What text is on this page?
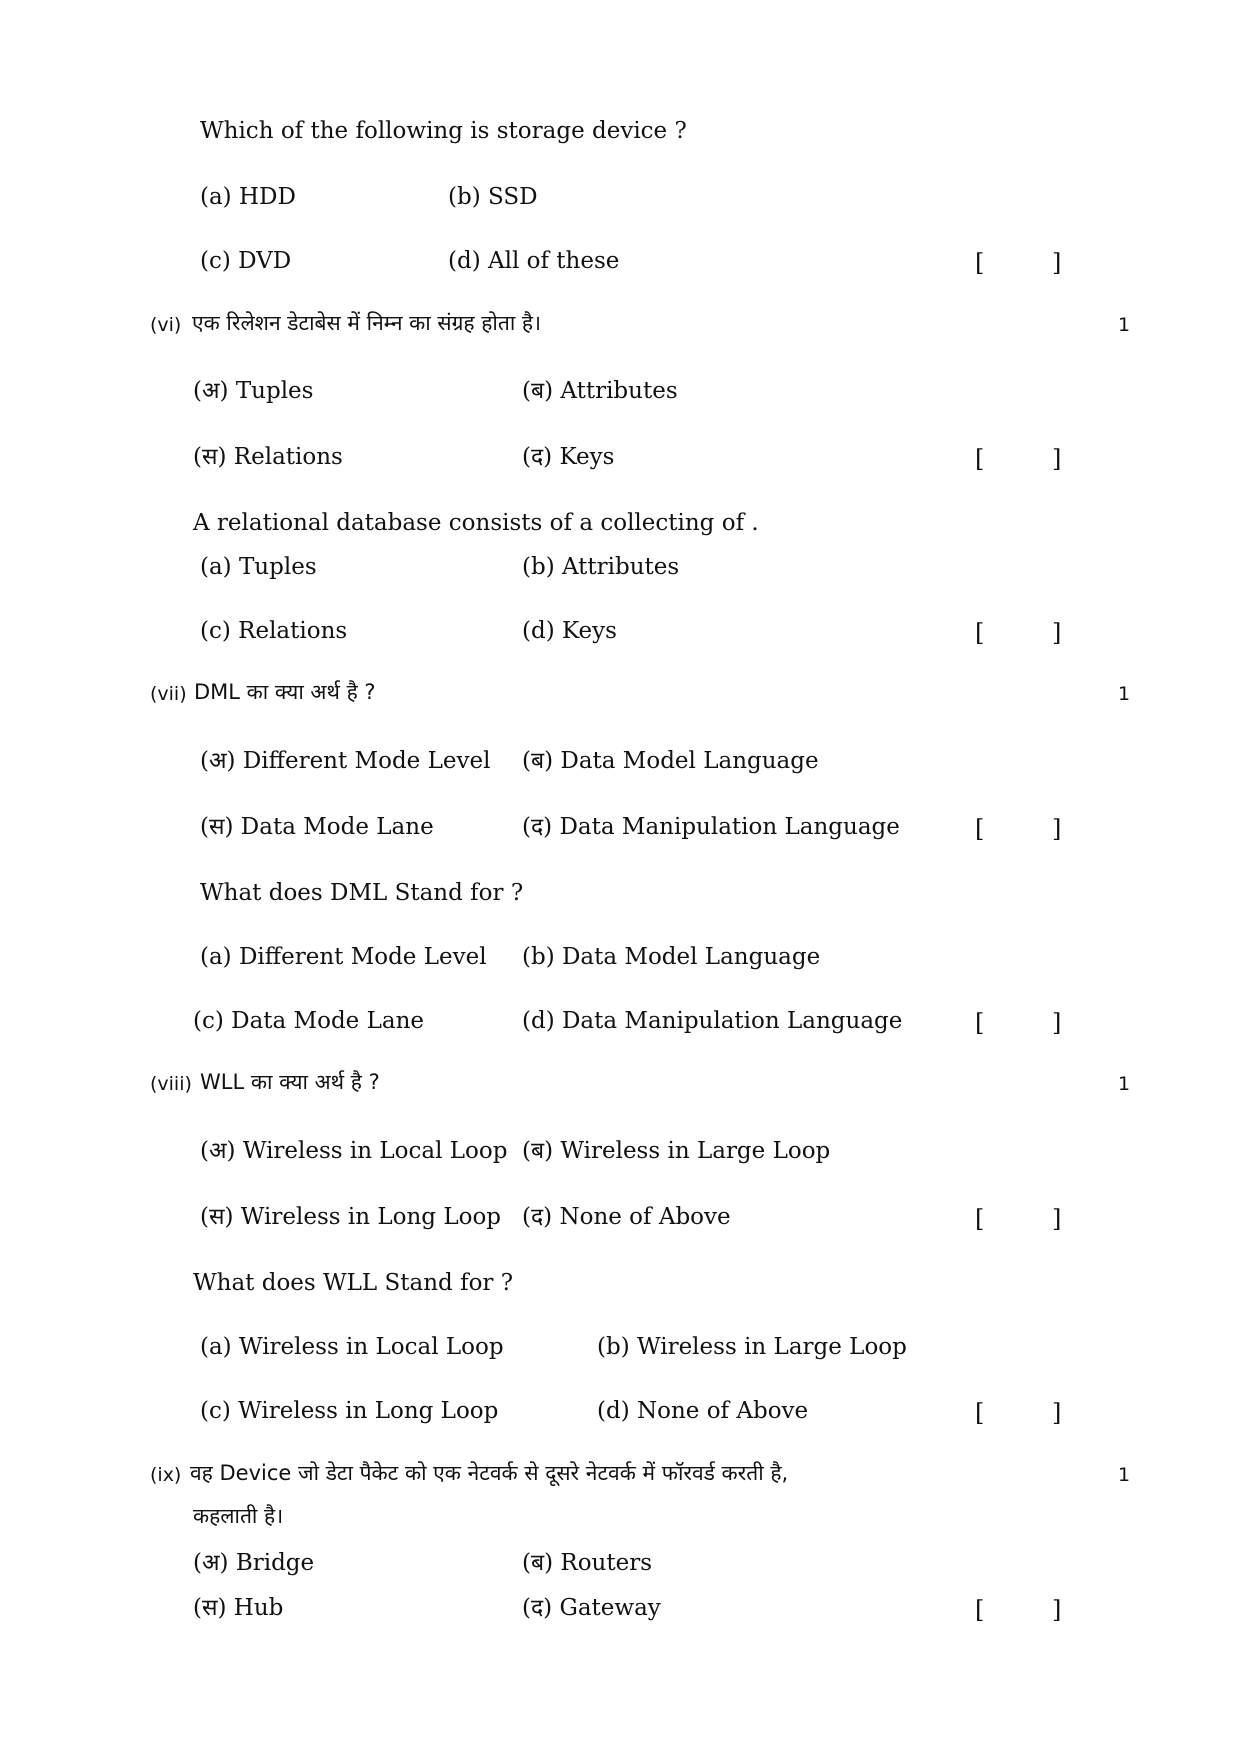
Which of the following is storage device ?
(a) HDD	(b) SSD
(c) DVD	(d) All of these	[ ]
(vi) एक रिलेशन डेटाबेस में निम्न का संग्रह होता है।	1
(अ) Tuples	(ब) Attributes
(स) Relations	(द) Keys	[ ]
A relational database consists of a collecting of .
(a) Tuples	(b) Attributes
(c) Relations	(d) Keys	[ ]
(vii) DML का क्या अर्थ है ?	1
(अ) Different Mode Level (ब) Data Model Language
(स) Data Mode Lane	(द) Data Manipulation Language	[ ]
What does DML Stand for ?
(a) Different Mode Level (b) Data Model Language
(c) Data Mode Lane	(d) Data Manipulation Language	[ ]
(viii) WLL का क्या अर्थ है ?	1
(अ) Wireless in Local Loop (ब) Wireless in Large Loop
(स) Wireless in Long Loop (द) None of Above	[ ]
What does WLL Stand for ?
(a) Wireless in Local Loop	(b) Wireless in Large Loop
(c) Wireless in Long Loop	(d) None of Above	[ ]
(ix) वह Device जो डेटा पैकेट को एक नेटवर्क से दूसरे नेटवर्क में फॉरवर्ड करती है,	1
कहलाती है।
(अ) Bridge	(ब) Routers
(स) Hub	(द) Gateway	[ ]
